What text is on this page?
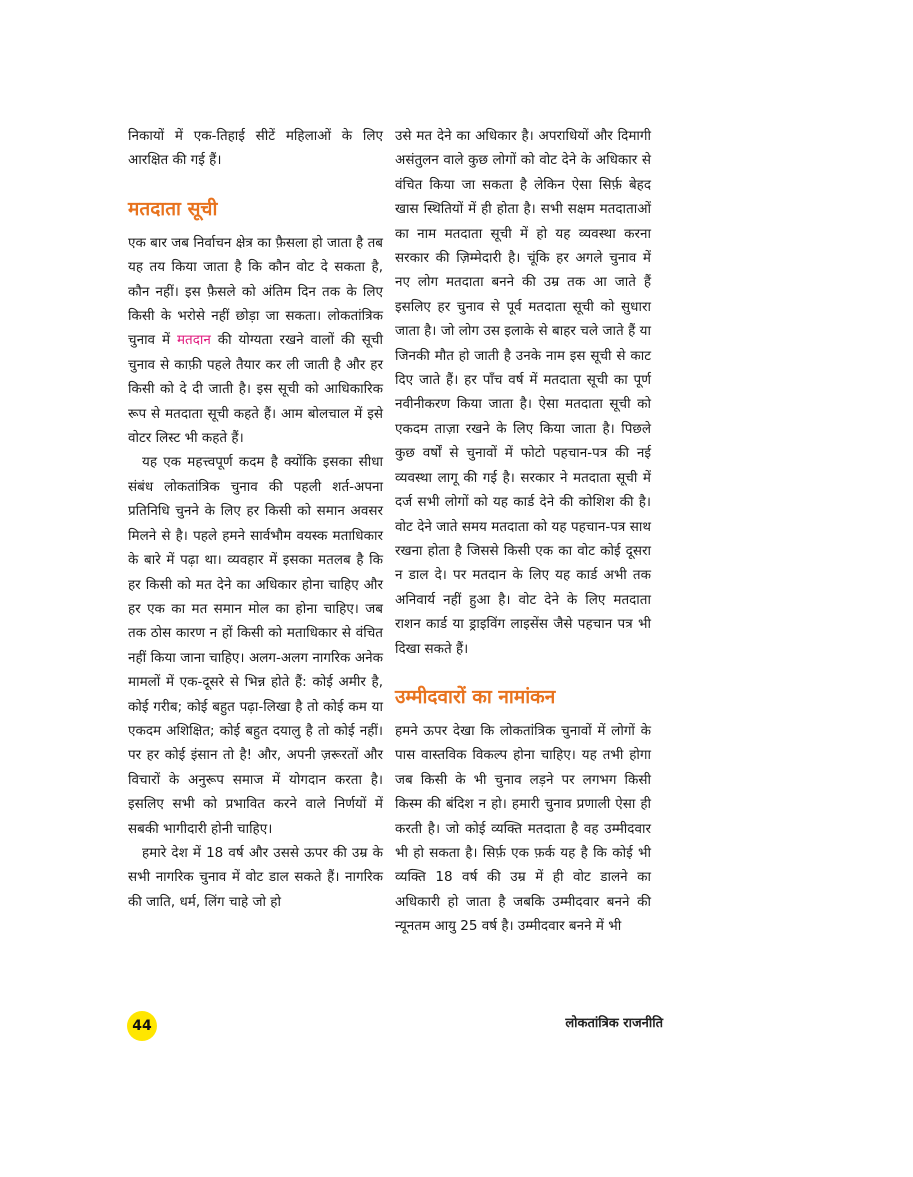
निकायों में एक-तिहाई सीटें महिलाओं के लिए आरक्षित की गई हैं।

मतदाता सूची

एक बार जब निर्वाचन क्षेत्र का फ़ैसला हो जाता है तब यह तय किया जाता है कि कौन वोट दे सकता है, कौन नहीं। इस फ़ैसले को अंतिम दिन तक के लिए किसी के भरोसे नहीं छोड़ा जा सकता। लोकतांत्रिक चुनाव में मतदान की योग्यता रखने वालों की सूची चुनाव से काफ़ी पहले तैयार कर ली जाती है और हर किसी को दे दी जाती है। इस सूची को आधिकारिक रूप से मतदाता सूची कहते हैं। आम बोलचाल में इसे वोटर लिस्ट भी कहते हैं।

यह एक महत्त्वपूर्ण कदम है क्योंकि इसका सीधा संबंध लोकतांत्रिक चुनाव की पहली शर्त-अपना प्रतिनिधि चुनने के लिए हर किसी को समान अवसर मिलने से है। पहले हमने सार्वभौम वयस्क मताधिकार के बारे में पढ़ा था। व्यवहार में इसका मतलब है कि हर किसी को मत देने का अधिकार होना चाहिए और हर एक का मत समान मोल का होना चाहिए। जब तक ठोस कारण न हों किसी को मताधिकार से वंचित नहीं किया जाना चाहिए। अलग-अलग नागरिक अनेक मामलों में एक-दूसरे से भिन्न होते हैं: कोई अमीर है, कोई गरीब; कोई बहुत पढ़ा-लिखा है तो कोई कम या एकदम अशिक्षित; कोई बहुत दयालु है तो कोई नहीं। पर हर कोई इंसान तो है! और, अपनी ज़रूरतों और विचारों के अनुरूप समाज में योगदान करता है। इसलिए सभी को प्रभावित करने वाले निर्णयों में सबकी भागीदारी होनी चाहिए।

हमारे देश में 18 वर्ष और उससे ऊपर की उम्र के सभी नागरिक चुनाव में वोट डाल सकते हैं। नागरिक की जाति, धर्म, लिंग चाहे जो हो

उसे मत देने का अधिकार है। अपराधियों और दिमागी असंतुलन वाले कुछ लोगों को वोट देने के अधिकार से वंचित किया जा सकता है लेकिन ऐसा सिर्फ़ बेहद खास स्थितियों में ही होता है। सभी सक्षम मतदाताओं का नाम मतदाता सूची में हो यह व्यवस्था करना सरकार की ज़िम्मेदारी है। चूंकि हर अगले चुनाव में नए लोग मतदाता बनने की उम्र तक आ जाते हैं इसलिए हर चुनाव से पूर्व मतदाता सूची को सुधारा जाता है। जो लोग उस इलाके से बाहर चले जाते हैं या जिनकी मौत हो जाती है उनके नाम इस सूची से काट दिए जाते हैं। हर पाँच वर्ष में मतदाता सूची का पूर्ण नवीनीकरण किया जाता है। ऐसा मतदाता सूची को एकदम ताज़ा रखने के लिए किया जाता है। पिछले कुछ वर्षों से चुनावों में फोटो पहचान-पत्र की नई व्यवस्था लागू की गई है। सरकार ने मतदाता सूची में दर्ज सभी लोगों को यह कार्ड देने की कोशिश की है। वोट देने जाते समय मतदाता को यह पहचान-पत्र साथ रखना होता है जिससे किसी एक का वोट कोई दूसरा न डाल दे। पर मतदान के लिए यह कार्ड अभी तक अनिवार्य नहीं हुआ है। वोट देने के लिए मतदाता राशन कार्ड या ड्राइविंग लाइसेंस जैसे पहचान पत्र भी दिखा सकते हैं।

उम्मीदवारों का नामांकन

हमने ऊपर देखा कि लोकतांत्रिक चुनावों में लोगों के पास वास्तविक विकल्प होना चाहिए। यह तभी होगा जब किसी के भी चुनाव लड़ने पर लगभग किसी किस्म की बंदिश न हो। हमारी चुनाव प्रणाली ऐसा ही करती है। जो कोई व्यक्ति मतदाता है वह उम्मीदवार भी हो सकता है। सिर्फ़ एक फ़र्क यह है कि कोई भी व्यक्ति 18 वर्ष की उम्र में ही वोट डालने का अधिकारी हो जाता है जबकि उम्मीदवार बनने की न्यूनतम आयु 25 वर्ष है। उम्मीदवार बनने में भी

44	लोकतांत्रिक राजनीति
